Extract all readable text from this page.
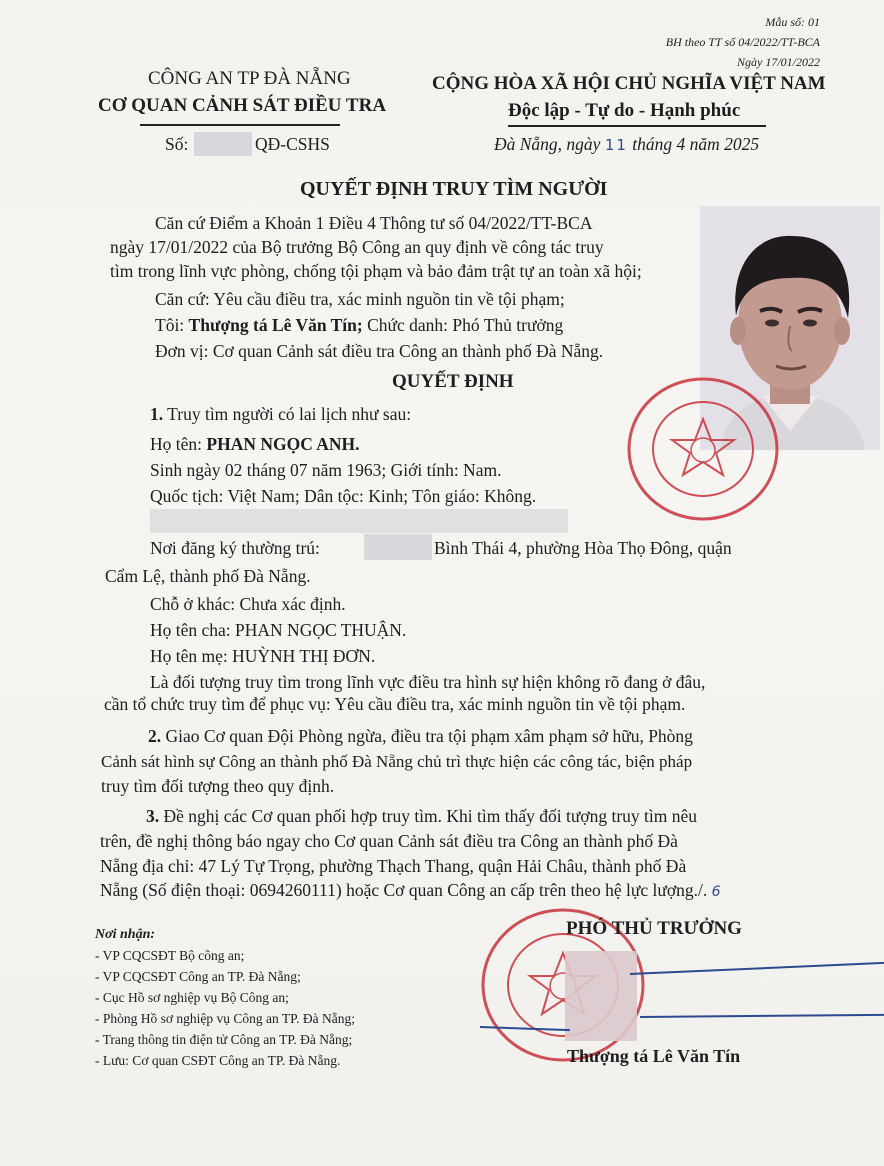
Mẫu số: 01
BH theo TT số 04/2022/TT-BCA
Ngày 17/01/2022
CÔNG AN TP ĐÀ NẴNG
CƠ QUAN CẢNH SÁT ĐIỀU TRA
Số:	QĐ-CSHS
CỘNG HÒA XÃ HỘI CHỦ NGHĨA VIỆT NAM
Độc lập - Tự do - Hạnh phúc
Đà Nẵng, ngày 11 tháng 4 năm 2025
QUYẾT ĐỊNH TRUY TÌM NGƯỜI
Căn cứ Điểm a Khoản 1 Điều 4 Thông tư số 04/2022/TT-BCA
ngày 17/01/2022 của Bộ trưởng Bộ Công an quy định về công tác truy
tìm trong lĩnh vực phòng, chống tội phạm và bảo đảm trật tự an toàn xã hội;
Căn cứ: Yêu cầu điều tra, xác minh nguồn tin về tội phạm;
Tôi: Thượng tá Lê Văn Tín; Chức danh: Phó Thủ trưởng
Đơn vị: Cơ quan Cảnh sát điều tra Công an thành phố Đà Nẵng.
QUYẾT ĐỊNH
1. Truy tìm người có lai lịch như sau:
Họ tên: PHAN NGỌC ANH.
Sinh ngày 02 tháng 07 năm 1963; Giới tính: Nam.
Quốc tịch: Việt Nam; Dân tộc: Kinh; Tôn giáo: Không.
Nơi đăng ký thường trú:	Bình Thái 4, phường Hòa Thọ Đông, quận
Cẩm Lệ, thành phố Đà Nẵng.
Chỗ ở khác: Chưa xác định.
Họ tên cha: PHAN NGỌC THUẬN.
Họ tên mẹ: HUỲNH THỊ ĐƠN.
Là đối tượng truy tìm trong lĩnh vực điều tra hình sự hiện không rõ đang ở đâu,
cần tổ chức truy tìm để phục vụ: Yêu cầu điều tra, xác minh nguồn tin về tội phạm.
2. Giao Cơ quan Đội Phòng ngừa, điều tra tội phạm xâm phạm sở hữu, Phòng
Cảnh sát hình sự Công an thành phố Đà Nẵng chủ trì thực hiện các công tác, biện pháp
truy tìm đối tượng theo quy định.
3. Đề nghị các Cơ quan phối hợp truy tìm. Khi tìm thấy đối tượng truy tìm nêu
trên, đề nghị thông báo ngay cho Cơ quan Cảnh sát điều tra Công an thành phố Đà
Nẵng địa chỉ: 47 Lý Tự Trọng, phường Thạch Thang, quận Hải Châu, thành phố Đà
Nẵng (Số điện thoại: 0694260111) hoặc Cơ quan Công an cấp trên theo hệ lực lượng./. 6
Nơi nhận:
- VP CQCSĐT Bộ công an;
- VP CQCSĐT Công an TP. Đà Nẵng;
- Cục Hồ sơ nghiệp vụ Bộ Công an;
- Phòng Hồ sơ nghiệp vụ Công an TP. Đà Nẵng;
- Trang thông tin điện tử Công an TP. Đà Nẵng;
- Lưu: Cơ quan CSĐT Công an TP. Đà Nẵng.
PHÓ THỦ TRƯỞNG
Thượng tá Lê Văn Tín
